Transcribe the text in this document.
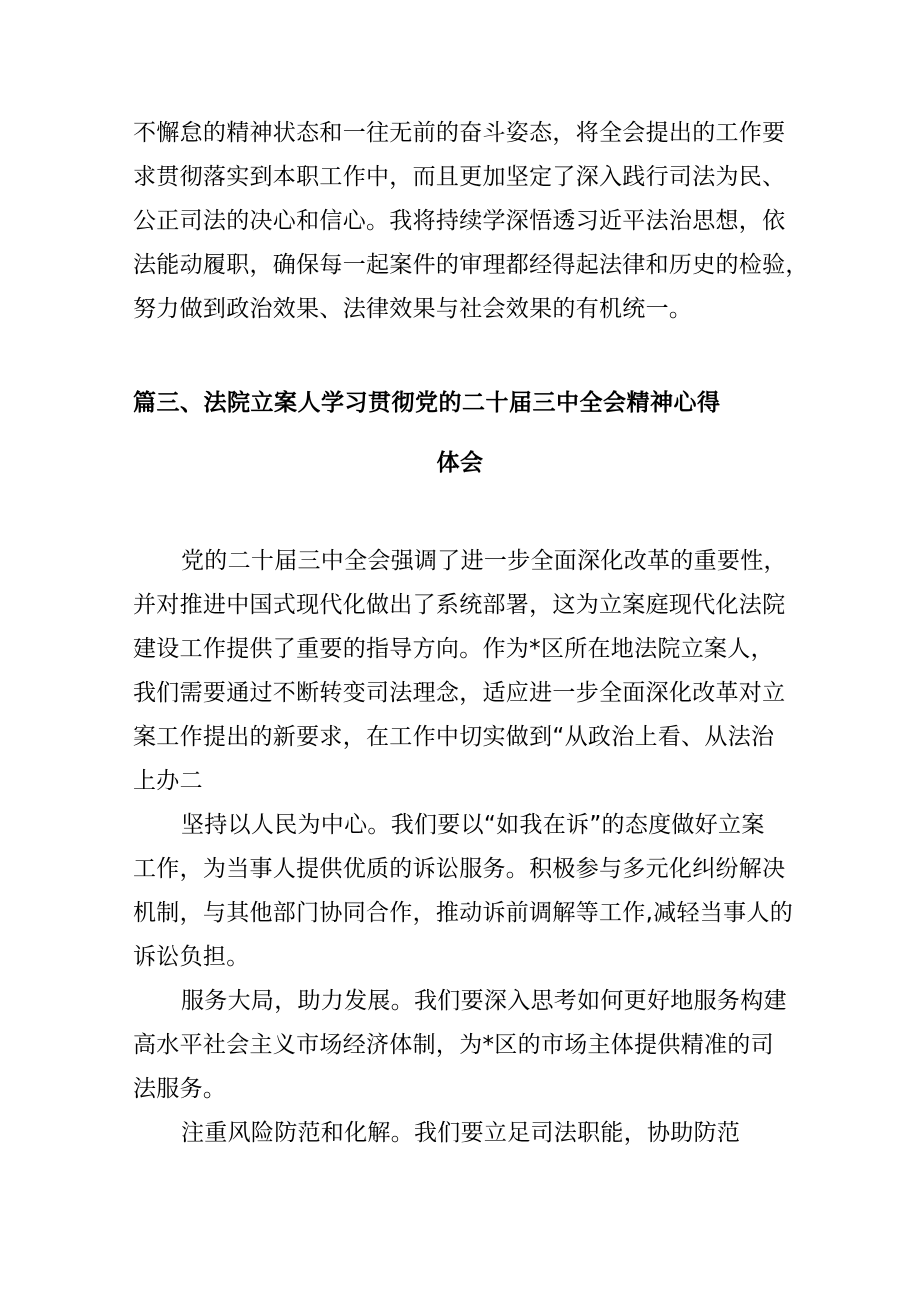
不懈怠的精神状态和一往无前的奋斗姿态，将全会提出的工作要
求贯彻落实到本职工作中，而且更加坚定了深入践行司法为民、
公正司法的决心和信心。我将持续学深悟透习近平法治思想，依
法能动履职，确保每一起案件的审理都经得起法律和历史的检验，
努力做到政治效果、法律效果与社会效果的有机统一。
篇三、法院立案人学习贯彻党的二十届三中全会精神心得
体会
党的二十届三中全会强调了进一步全面深化改革的重要性，
并对推进中国式现代化做出了系统部署，这为立案庭现代化法院
建设工作提供了重要的指导方向。作为*区所在地法院立案人，
我们需要通过不断转变司法理念，适应进一步全面深化改革对立
案工作提出的新要求，在工作中切实做到“从政治上看、从法治
上办二
坚持以人民为中心。我们要以“如我在诉”的态度做好立案
工作，为当事人提供优质的诉讼服务。积极参与多元化纠纷解决
机制，与其他部门协同合作，推动诉前调解等工作,减轻当事人的
诉讼负担。
服务大局，助力发展。我们要深入思考如何更好地服务构建
高水平社会主义市场经济体制，为*区的市场主体提供精准的司
法服务。
注重风险防范和化解。我们要立足司法职能，协助防范
